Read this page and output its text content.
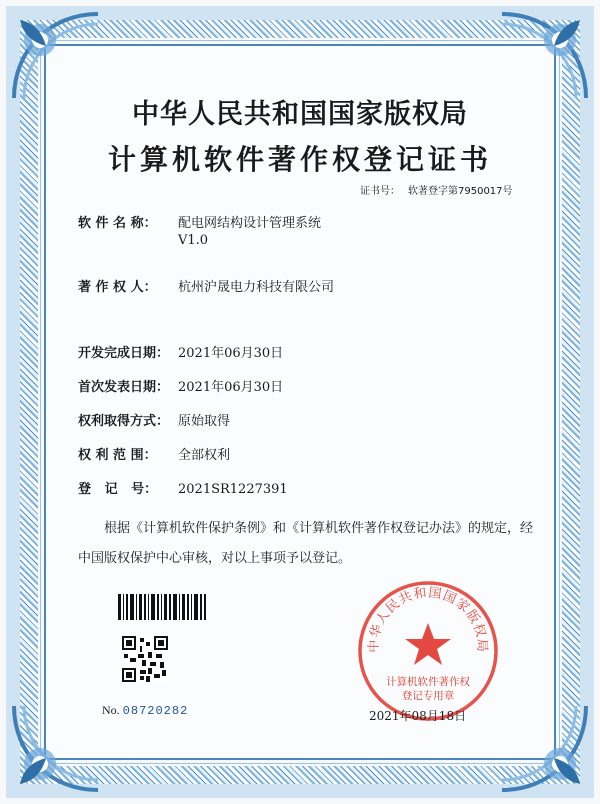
中华人民共和国国家版权局
计算机软件著作权登记证书
证书号： 软著登字第7950017号
软 件 名 称： 配电网结构设计管理系统
V1.0
著 作 权 人： 杭州沪晟电力科技有限公司
开发完成日期： 2021年06月30日
首次发表日期： 2021年06月30日
权利取得方式： 原始取得
权 利 范 围： 全部权利
登   记   号： 2021SR1227391
根据《计算机软件保护条例》和《计算机软件著作权登记办法》的规定，经中国版权保护中心审核，对以上事项予以登记。
No. 08720282
中华人民共和国国家版权局
计算机软件著作权
登记专用章
2021年08月18日
